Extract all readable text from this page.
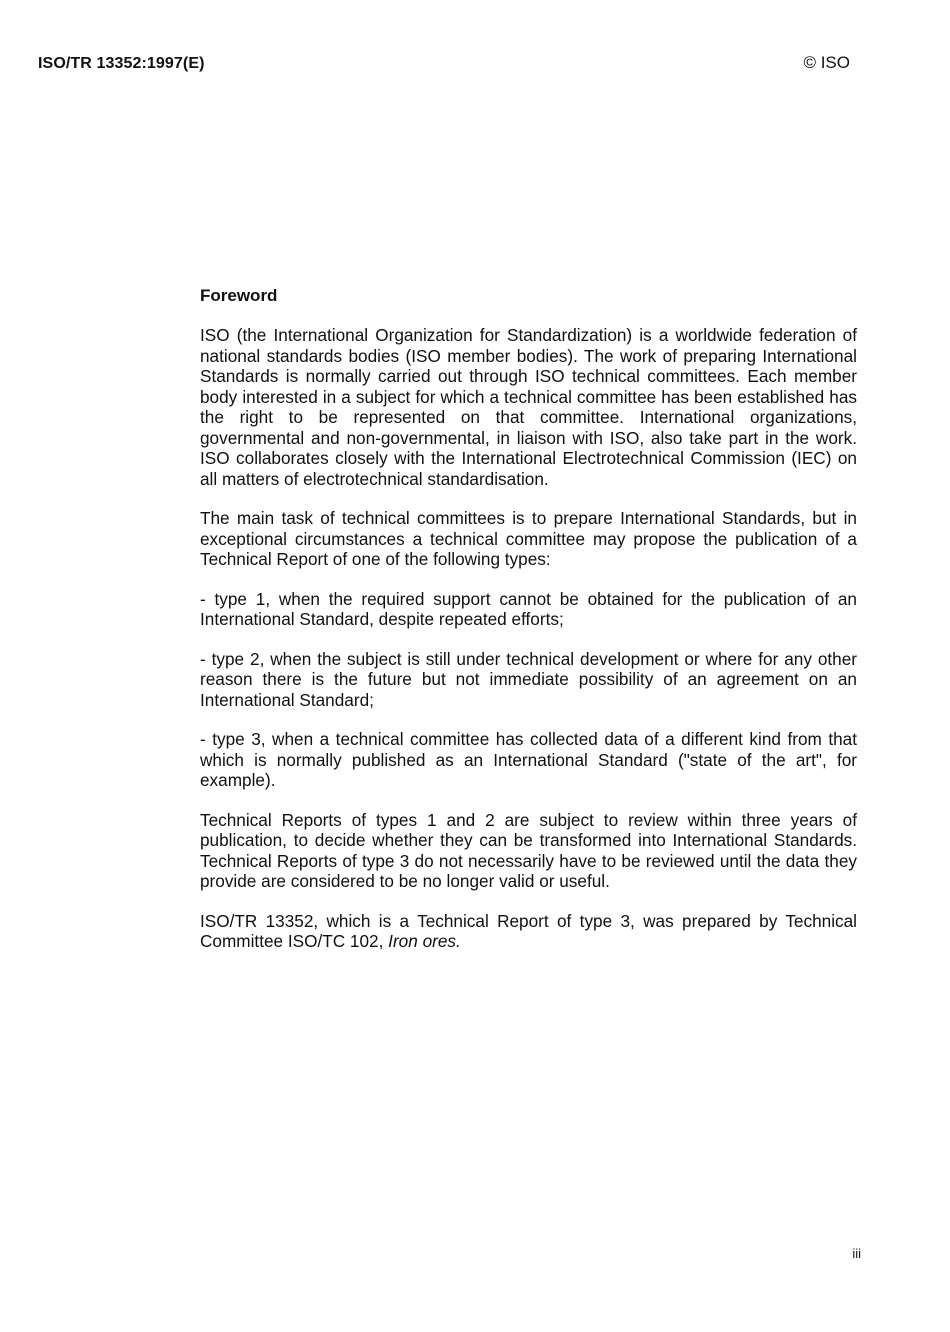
ISO/TR 13352:1997(E)	© ISO
Foreword

ISO (the International Organization for Standardization) is a worldwide federation of national standards bodies (ISO member bodies). The work of preparing International Standards is normally carried out through ISO technical committees. Each member body interested in a subject for which a technical committee has been established has the right to be represented on that committee. International organizations, governmental and non-governmental, in liaison with ISO, also take part in the work. ISO collaborates closely with the International Electrotechnical Commission (IEC) on all matters of electrotechnical standardisation.

The main task of technical committees is to prepare International Standards, but in exceptional circumstances a technical committee may propose the publication of a Technical Report of one of the following types:

- type 1, when the required support cannot be obtained for the publication of an International Standard, despite repeated efforts;

- type 2, when the subject is still under technical development or where for any other reason there is the future but not immediate possibility of an agreement on an International Standard;

- type 3, when a technical committee has collected data of a different kind from that which is normally published as an International Standard ("state of the art", for example).

Technical Reports of types 1 and 2 are subject to review within three years of publication, to decide whether they can be transformed into International Standards. Technical Reports of type 3 do not necessarily have to be reviewed until the data they provide are considered to be no longer valid or useful.

ISO/TR 13352, which is a Technical Report of type 3, was prepared by Technical Committee ISO/TC 102, Iron ores.

iii
